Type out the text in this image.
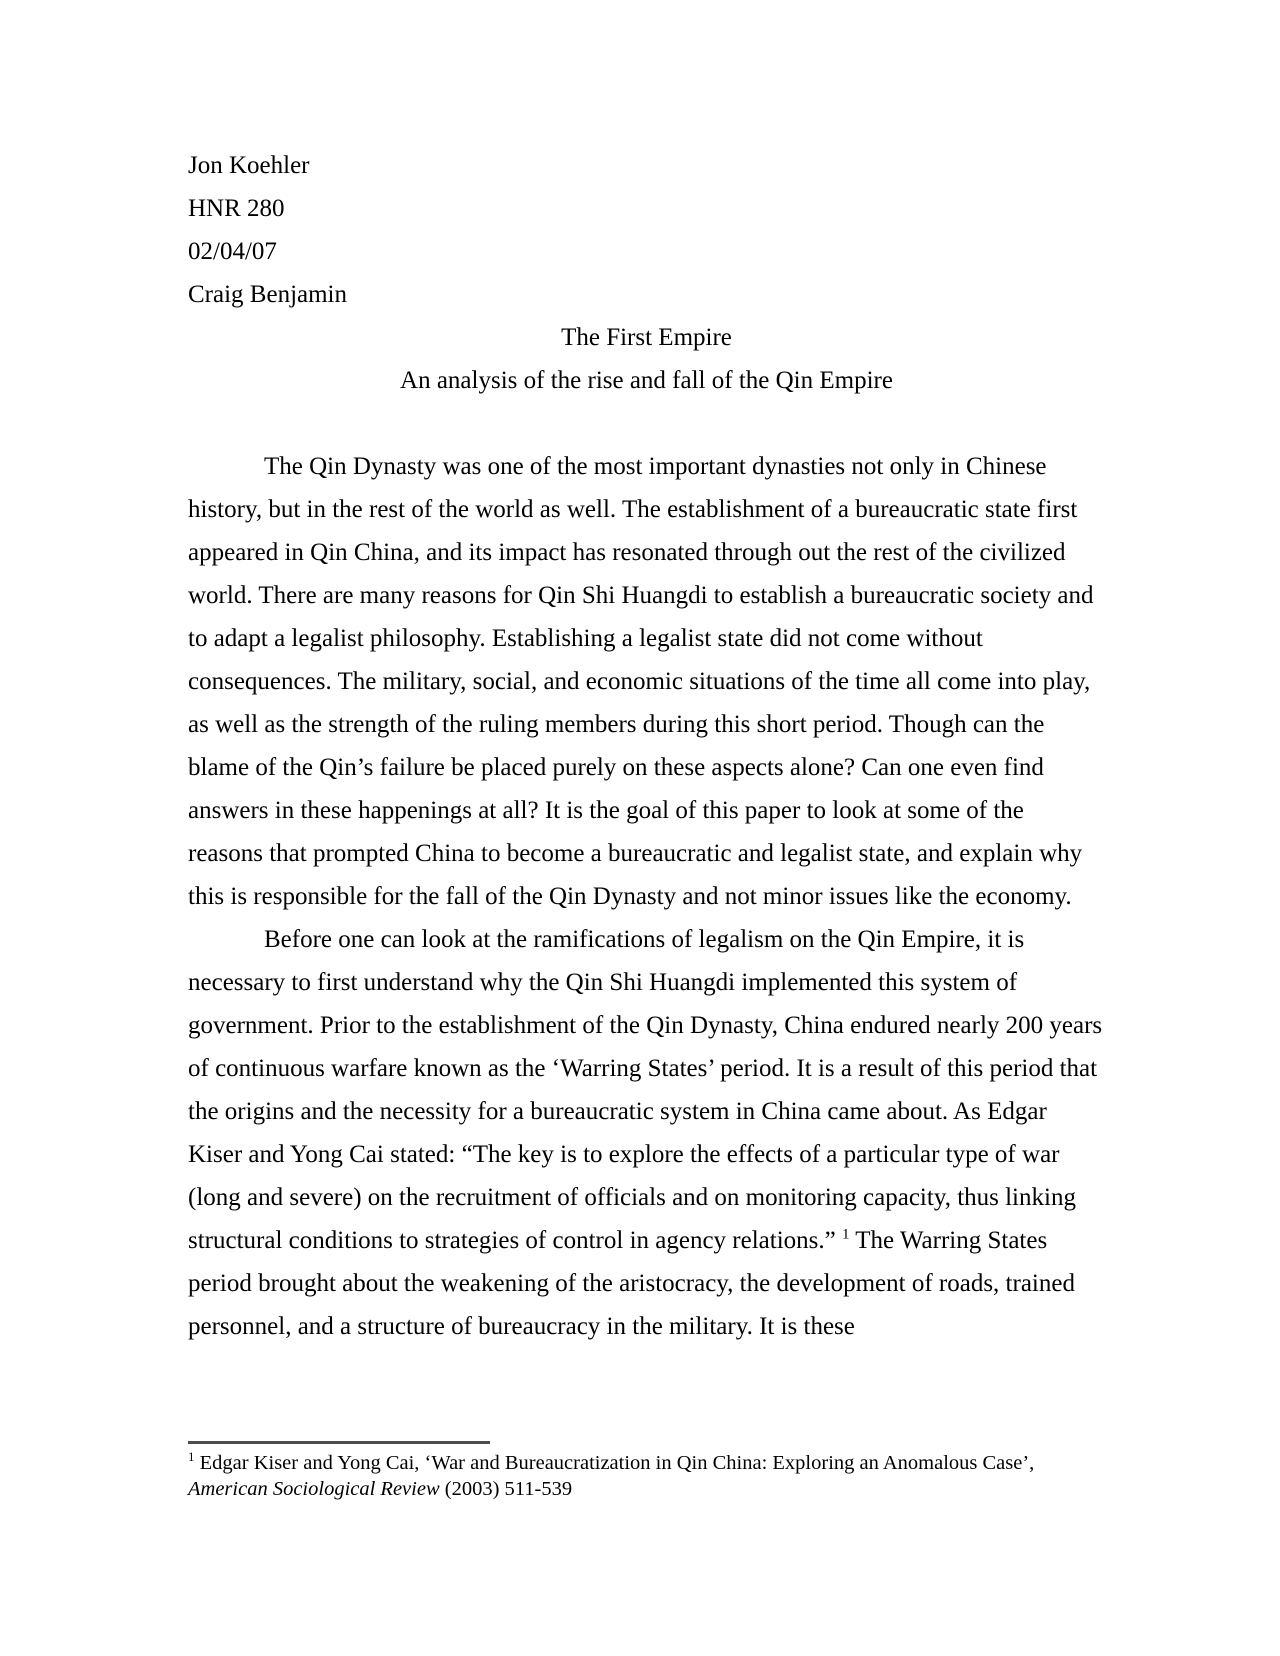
Jon Koehler
HNR 280
02/04/07
Craig Benjamin
The First Empire
An analysis of the rise and fall of the Qin Empire

The Qin Dynasty was one of the most important dynasties not only in Chinese history, but in the rest of the world as well. The establishment of a bureaucratic state first appeared in Qin China, and its impact has resonated through out the rest of the civilized world. There are many reasons for Qin Shi Huangdi to establish a bureaucratic society and to adapt a legalist philosophy. Establishing a legalist state did not come without consequences. The military, social, and economic situations of the time all come into play, as well as the strength of the ruling members during this short period. Though can the blame of the Qin’s failure be placed purely on these aspects alone? Can one even find answers in these happenings at all? It is the goal of this paper to look at some of the reasons that prompted China to become a bureaucratic and legalist state, and explain why this is responsible for the fall of the Qin Dynasty and not minor issues like the economy.

Before one can look at the ramifications of legalism on the Qin Empire, it is necessary to first understand why the Qin Shi Huangdi implemented this system of government. Prior to the establishment of the Qin Dynasty, China endured nearly 200 years of continuous warfare known as the ‘Warring States’ period. It is a result of this period that the origins and the necessity for a bureaucratic system in China came about. As Edgar Kiser and Yong Cai stated: “The key is to explore the effects of a particular type of war (long and severe) on the recruitment of officials and on monitoring capacity, thus linking structural conditions to strategies of control in agency relations.” $^1$ The Warring States period brought about the weakening of the aristocracy, the development of roads, trained personnel, and a structure of bureaucracy in the military. It is these

$^1$ Edgar Kiser and Yong Cai, ‘War and Bureaucratization in Qin China: Exploring an Anomalous Case’, American Sociological Review (2003) 511-539
